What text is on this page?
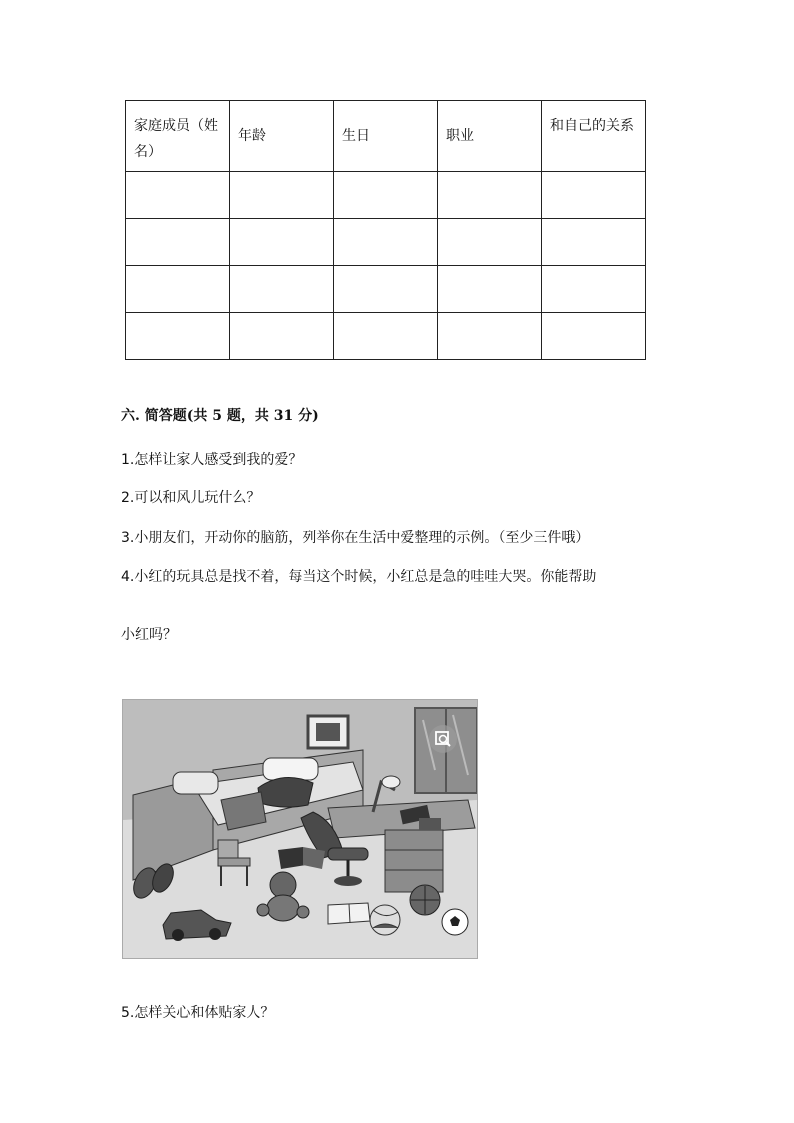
家庭成员（姓名）	年龄	生日	职业	和自己的关系

六. 简答题(共 5 题，共 31 分)
1.怎样让家人感受到我的爱？
2.可以和风儿玩什么？
3.小朋友们，开动你的脑筋，列举你在生活中爱整理的示例。（至少三件哦）
4.小红的玩具总是找不着，每当这个时候，小红总是急的哇哇大哭。你能帮助
小红吗？
5.怎样关心和体贴家人？
